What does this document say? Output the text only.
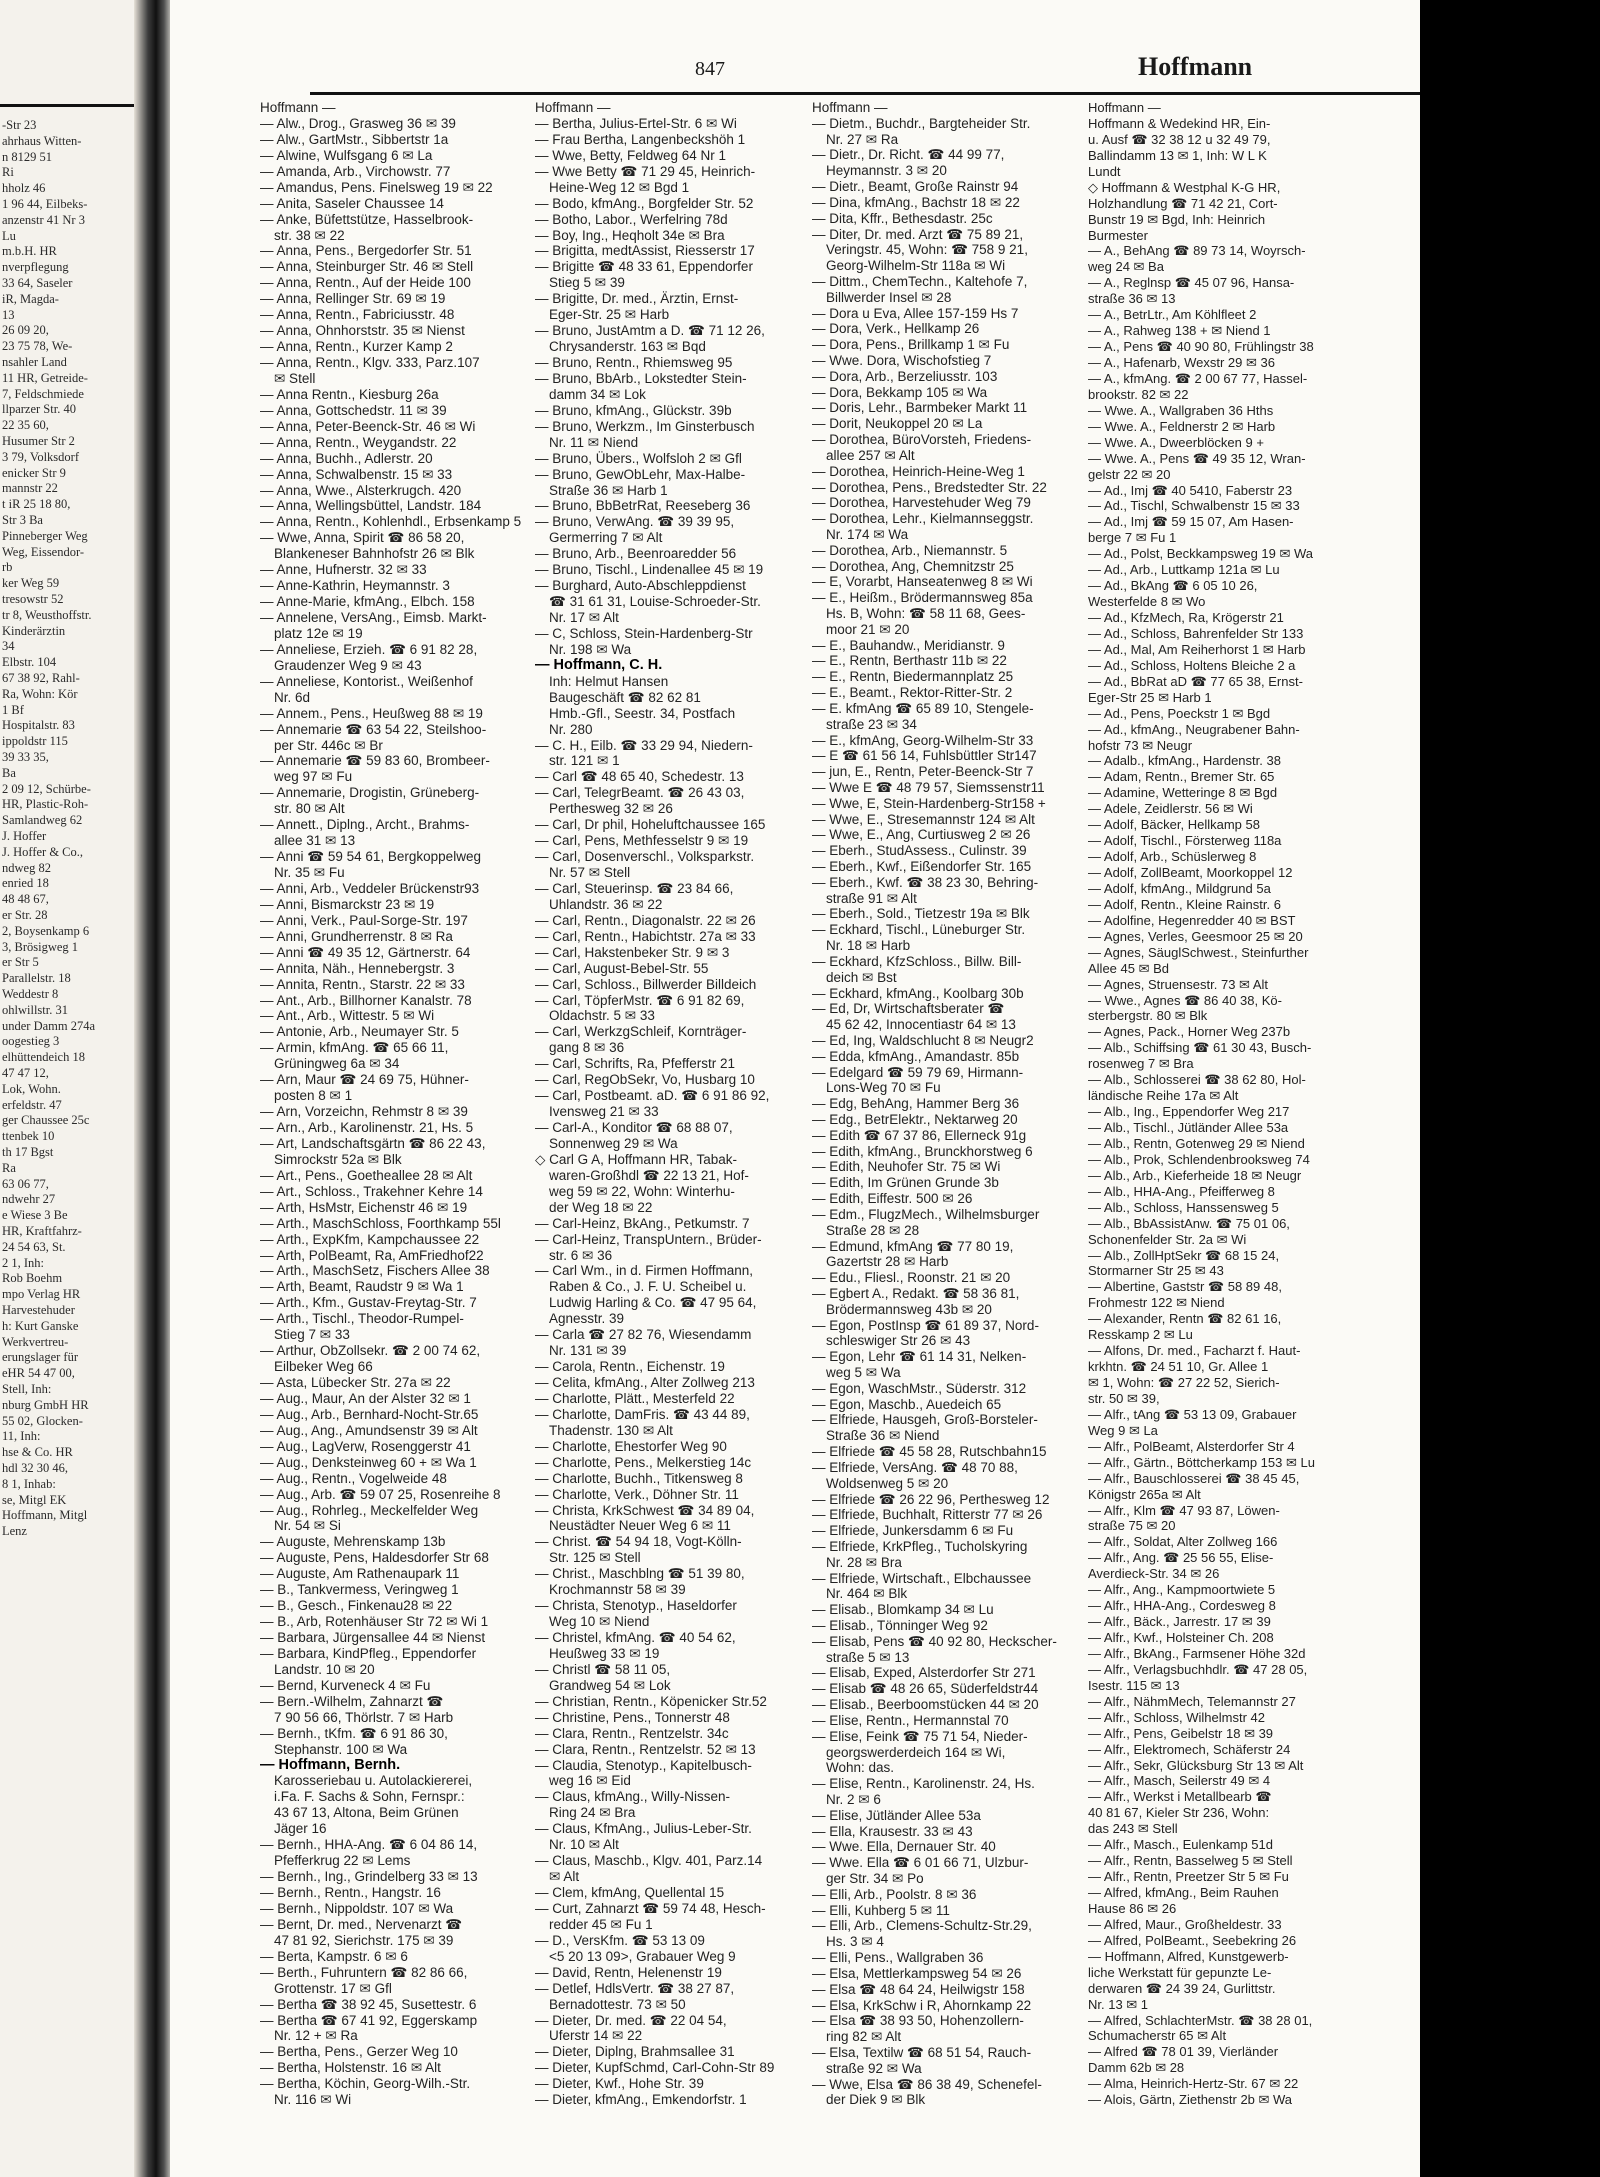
-Str 23
ahrhaus Witten-
n 8129 51
Ri
hholz 46
1 96 44, Eilbeks-
anzenstr 41 Nr 3
Lu
m.b.H. HR
nverpflegung
33 64, Saseler
iR, Magda-
13
26 09 20,
23 75 78, We-
nsahler Land
11 HR, Getreide-
7, Feldschmiede
llparzer Str. 40
22 35 60,
Husumer Str 2
3 79, Volksdorf
enicker Str 9
mannstr 22
t iR 25 18 80,
Str 3 Ba
Pinneberger Weg
Weg, Eissendor-
rb
ker Weg 59
tresowstr 52
tr 8, Weusthoffstr.
Kinderärztin
34
Elbstr. 104
67 38 92, Rahl-
Ra, Wohn: Kör
1 Bf
Hospitalstr. 83
ippoldstr 115
39 33 35,
Ba
2 09 12, Schürbe-
HR, Plastic-Roh-
Samlandweg 62
J. Hoffer
J. Hoffer & Co.,
ndweg 82
enried 18
48 48 67,
er Str. 28
2, Boysenkamp 6
3, Brösigweg 1
er Str 5
Parallelstr. 18
Weddestr 8
ohlwillstr. 31
under Damm 274a
oogestieg 3
elhüttendeich 18
47 47 12,
Lok, Wohn.
erfeldstr. 47
ger Chaussee 25c
ttenbek 10
th 17 Bgst
Ra
63 06 77,
ndwehr 27
e Wiese 3 Be
HR, Kraftfahrz-
24 54 63, St.
2 1, Inh:
Rob Boehm
mpo Verlag HR
Harvestehuder
h: Kurt Ganske
Werkvertreu-
erungslager für
eHR 54 47 00,
Stell, Inh:
nburg GmbH HR
55 02, Glocken-
11, Inh:
hse & Co. HR
hdl 32 30 46,
8 1, Inhab:
se, Mitgl EK
Hoffmann, Mitgl
Lenz
847	Hoffmann
Hoffmann —
— Alw., Drog., Grasweg 36 ✉ 39
— Alw., GartMstr., Sibbertstr 1a
— Alwine, Wulfsgang 6 ✉ La
— Amanda, Arb., Virchowstr. 77
— Amandus, Pens. Finelsweg 19 ✉ 22
— Anita, Saseler Chaussee 14
— Anke, Büfettstütze, Hasselbrook-
str. 38 ✉ 22
— Anna, Pens., Bergedorfer Str. 51
— Anna, Steinburger Str. 46 ✉ Stell
— Anna, Rentn., Auf der Heide 100
— Anna, Rellinger Str. 69 ✉ 19
— Anna, Rentn., Fabriciusstr. 48
— Anna, Ohnhorststr. 35 ✉ Nienst
— Anna, Rentn., Kurzer Kamp 2
— Anna, Rentn., Klgv. 333, Parz.107
✉ Stell
— Anna Rentn., Kiesburg 26a
— Anna, Gottschedstr. 11 ✉ 39
— Anna, Peter-Beenck-Str. 46 ✉ Wi
— Anna, Rentn., Weygandstr. 22
— Anna, Buchh., Adlerstr. 20
— Anna, Schwalbenstr. 15 ✉ 33
— Anna, Wwe., Alsterkrugch. 420
— Anna, Wellingsbüttel, Landstr. 184
— Anna, Rentn., Kohlenhdl., Erbsenkamp 5
— Wwe, Anna, Spirit ☎ 86 58 20,
Blankeneser Bahnhofstr 26 ✉ Blk
— Anne, Hufnerstr. 32 ✉ 33
— Anne-Kathrin, Heymannstr. 3
— Anne-Marie, kfmAng., Elbch. 158
— Annelene, VersAng., Eimsb. Markt-
platz 12e ✉ 19
— Anneliese, Erzieh. ☎ 6 91 82 28,
Graudenzer Weg 9 ✉ 43
— Anneliese, Kontorist., Weißenhof
Nr. 6d
— Annem., Pens., Heußweg 88 ✉ 19
— Annemarie ☎ 63 54 22, Steilshoo-
per Str. 446c ✉ Br
— Annemarie ☎ 59 83 60, Brombeer-
weg 97 ✉ Fu
— Annemarie, Drogistin, Grüneberg-
str. 80 ✉ Alt
— Annett., Diplng., Archt., Brahms-
allee 31 ✉ 13
— Anni ☎ 59 54 61, Bergkoppelweg
Nr. 35 ✉ Fu
— Anni, Arb., Veddeler Brückenstr93
— Anni, Bismarckstr 23 ✉ 19
— Anni, Verk., Paul-Sorge-Str. 197
— Anni, Grundherrenstr. 8 ✉ Ra
— Anni ☎ 49 35 12, Gärtnerstr. 64
— Annita, Näh., Hennebergstr. 3
— Annita, Rentn., Starstr. 22 ✉ 33
— Ant., Arb., Billhorner Kanalstr. 78
— Ant., Arb., Wittestr. 5 ✉ Wi
— Antonie, Arb., Neumayer Str. 5
— Armin, kfmAng. ☎ 65 66 11,
Grüningweg 6a ✉ 34
— Arn, Maur ☎ 24 69 75, Hühner-
posten 8 ✉ 1
— Arn, Vorzeichn, Rehmstr 8 ✉ 39
— Arn., Arb., Karolinenstr. 21, Hs. 5
— Art, Landschaftsgärtn ☎ 86 22 43,
Simrockstr 52a ✉ Blk
— Art., Pens., Goetheallee 28 ✉ Alt
— Art., Schloss., Trakehner Kehre 14
— Arth, HsMstr, Eichenstr 46 ✉ 19
— Arth., MaschSchloss, Foorthkamp 55l
— Arth., ExpKfm, Kampchaussee 22
— Arth, PolBeamt, Ra, AmFriedhof22
— Arth., MaschSetz, Fischers Allee 38
— Arth, Beamt, Raudstr 9 ✉ Wa 1
— Arth., Kfm., Gustav-Freytag-Str. 7
— Arth., Tischl., Theodor-Rumpel-
Stieg 7 ✉ 33
— Arthur, ObZollsekr. ☎ 2 00 74 62,
Eilbeker Weg 66
— Asta, Lübecker Str. 27a ✉ 22
— Aug., Maur, An der Alster 32 ✉ 1
— Aug., Arb., Bernhard-Nocht-Str.65
— Aug., Ang., Amundsenstr 39 ✉ Alt
— Aug., LagVerw, Rosenggerstr 41
— Aug., Denksteinweg 60 + ✉ Wa 1
— Aug., Rentn., Vogelweide 48
— Aug., Arb. ☎ 59 07 25, Rosenreihe 8
— Aug., Rohrleg., Meckelfelder Weg
Nr. 54 ✉ Si
— Auguste, Mehrenskamp 13b
— Auguste, Pens, Haldesdorfer Str 68
— Auguste, Am Rathenaupark 11
— B., Tankvermess, Veringweg 1
— B., Gesch., Finkenau28 ✉ 22
— B., Arb, Rotenhäuser Str 72 ✉ Wi 1
— Barbara, Jürgensallee 44 ✉ Nienst
— Barbara, KindPfleg., Eppendorfer
Landstr. 10 ✉ 20
— Bernd, Kurveneck 4 ✉ Fu
— Bern.-Wilhelm, Zahnarzt ☎
7 90 56 66, Thörlstr. 7 ✉ Harb
— Bernh., tKfm. ☎ 6 91 86 30,
Stephanstr. 100 ✉ Wa
— Hoffmann, Bernh.
Karosseriebau u. Autolackiererei,
i.Fa. F. Sachs & Sohn, Fernspr.:
43 67 13, Altona, Beim Grünen
Jäger 16
— Bernh., HHA-Ang. ☎ 6 04 86 14,
Pfefferkrug 22 ✉ Lems
— Bernh., Ing., Grindelberg 33 ✉ 13
— Bernh., Rentn., Hangstr. 16
— Bernh., Nippoldstr. 107 ✉ Wa
— Bernt, Dr. med., Nervenarzt ☎
47 81 92, Sierichstr. 175 ✉ 39
— Berta, Kampstr. 6 ✉ 6
— Berth., Fuhruntern ☎ 82 86 66,
Grottenstr. 17 ✉ Gfl
— Bertha ☎ 38 92 45, Susettestr. 6
— Bertha ☎ 67 41 92, Eggerskamp
Nr. 12 + ✉ Ra
— Bertha, Pens., Gerzer Weg 10
— Bertha, Holstenstr. 16 ✉ Alt
— Bertha, Köchin, Georg-Wilh.-Str.
Nr. 116 ✉ Wi
Hoffmann —
— Bertha, Julius-Ertel-Str. 6 ✉ Wi
— Frau Bertha, Langenbeckshöh 1
— Wwe, Betty, Feldweg 64 Nr 1
— Wwe Betty ☎ 71 29 45, Heinrich-
Heine-Weg 12 ✉ Bgd 1
— Bodo, kfmAng., Borgfelder Str. 52
— Botho, Labor., Werfelring 78d
— Boy, Ing., Heqholt 34e ✉ Bra
— Brigitta, medtAssist, Riesserstr 17
— Brigitte ☎ 48 33 61, Eppendorfer
Stieg 5 ✉ 39
— Brigitte, Dr. med., Ärztin, Ernst-
Eger-Str. 25 ✉ Harb
— Bruno, JustAmtm a D. ☎ 71 12 26,
Chrysanderstr. 163 ✉ Bqd
— Bruno, Rentn., Rhiemsweg 95
— Bruno, BbArb., Lokstedter Stein-
damm 34 ✉ Lok
— Bruno, kfmAng., Glückstr. 39b
— Bruno, Werkzm., Im Ginsterbusch
Nr. 11 ✉ Niend
— Bruno, Übers., Wolfsloh 2 ✉ Gfl
— Bruno, GewObLehr, Max-Halbe-
Straße 36 ✉ Harb 1
— Bruno, BbBetrRat, Reeseberg 36
— Bruno, VerwAng. ☎ 39 39 95,
Germerring 7 ✉ Alt
— Bruno, Arb., Beenroaredder 56
— Bruno, Tischl., Lindenallee 45 ✉ 19
— Burghard, Auto-Abschleppdienst
☎ 31 61 31, Louise-Schroeder-Str.
Nr. 17 ✉ Alt
— C, Schloss, Stein-Hardenberg-Str
Nr. 198 ✉ Wa
— Hoffmann, C. H.
Inh: Helmut Hansen
Baugeschäft ☎ 82 62 81
Hmb.-Gfl., Seestr. 34, Postfach
Nr. 280
— C. H., Eilb. ☎ 33 29 94, Niedern-
str. 121 ✉ 1
— Carl ☎ 48 65 40, Schedestr. 13
— Carl, TelegrBeamt. ☎ 26 43 03,
Perthesweg 32 ✉ 26
— Carl, Dr phil, Hoheluftchaussee 165
— Carl, Pens, Methfesselstr 9 ✉ 19
— Carl, Dosenverschl., Volksparkstr.
Nr. 57 ✉ Stell
— Carl, Steuerinsp. ☎ 23 84 66,
Uhlandstr. 36 ✉ 22
— Carl, Rentn., Diagonalstr. 22 ✉ 26
— Carl, Rentn., Habichtstr. 27a ✉ 33
— Carl, Hakstenbeker Str. 9 ✉ 3
— Carl, August-Bebel-Str. 55
— Carl, Schloss., Billwerder Billdeich
— Carl, TöpferMstr. ☎ 6 91 82 69,
Oldachstr. 5 ✉ 33
— Carl, WerkzgSchleif, Kornträger-
gang 8 ✉ 36
— Carl, Schrifts, Ra, Pfefferstr 21
— Carl, RegObSekr, Vo, Husbarg 10
— Carl, Postbeamt. aD. ☎ 6 91 86 92,
Ivensweg 21 ✉ 33
— Carl-A., Konditor ☎ 68 88 07,
Sonnenweg 29 ✉ Wa
◇ Carl G A, Hoffmann HR, Tabak-
waren-Großhdl ☎ 22 13 21, Hof-
weg 59 ✉ 22, Wohn: Winterhu-
der Weg 18 ✉ 22
— Carl-Heinz, BkAng., Petkumstr. 7
— Carl-Heinz, TranspUntern., Brüder-
str. 6 ✉ 36
— Carl Wm., in d. Firmen Hoffmann,
Raben & Co., J. F. U. Scheibel u.
Ludwig Harling & Co. ☎ 47 95 64,
Agnesstr. 39
— Carla ☎ 27 82 76, Wiesendamm
Nr. 131 ✉ 39
— Carola, Rentn., Eichenstr. 19
— Celita, kfmAng., Alter Zollweg 213
— Charlotte, Plätt., Mesterfeld 22
— Charlotte, DamFris. ☎ 43 44 89,
Thadenstr. 130 ✉ Alt
— Charlotte, Ehestorfer Weg 90
— Charlotte, Pens., Melkerstieg 14c
— Charlotte, Buchh., Titkensweg 8
— Charlotte, Verk., Döhner Str. 11
— Christa, KrkSchwest ☎ 34 89 04,
Neustädter Neuer Weg 6 ✉ 11
— Christ. ☎ 54 94 18, Vogt-Kölln-
Str. 125 ✉ Stell
— Christ., Maschblng ☎ 51 39 80,
Krochmannstr 58 ✉ 39
— Christa, Stenotyp., Haseldorfer
Weg 10 ✉ Niend
— Christel, kfmAng. ☎ 40 54 62,
Heußweg 33 ✉ 19
— Christl ☎ 58 11 05,
Grandweg 54 ✉ Lok
— Christian, Rentn., Köpenicker Str.52
— Christine, Pens., Tonnerstr 48
— Clara, Rentn., Rentzelstr. 34c
— Clara, Rentn., Rentzelstr. 52 ✉ 13
— Claudia, Stenotyp., Kapitelbusch-
weg 16 ✉ Eid
— Claus, kfmAng., Willy-Nissen-
Ring 24 ✉ Bra
— Claus, KfmAng., Julius-Leber-Str.
Nr. 10 ✉ Alt
— Claus, Maschb., Klgv. 401, Parz.14
✉ Alt
— Clem, kfmAng, Quellental 15
— Curt, Zahnarzt ☎ 59 74 48, Hesch-
redder 45 ✉ Fu 1
— D., VersKfm. ☎ 53 13 09
<5 20 13 09>, Grabauer Weg 9
— David, Rentn, Helenenstr 19
— Detlef, HdlsVertr. ☎ 38 27 87,
Bernadottestr. 73 ✉ 50
— Dieter, Dr. med. ☎ 22 04 54,
Uferstr 14 ✉ 22
— Dieter, Diplng, Brahmsallee 31
— Dieter, KupfSchmd, Carl-Cohn-Str 89
— Dieter, Kwf., Hohe Str. 39
— Dieter, kfmAng., Emkendorfstr. 1
Hoffmann —
— Dietm., Buchdr., Bargteheider Str.
Nr. 27 ✉ Ra
— Dietr., Dr. Richt. ☎ 44 99 77,
Heymannstr. 3 ✉ 20
— Dietr., Beamt, Große Rainstr 94
— Dina, kfmAng., Bachstr 18 ✉ 22
— Dita, Kffr., Bethesdastr. 25c
— Diter, Dr. med. Arzt ☎ 75 89 21,
Veringstr. 45, Wohn: ☎ 758 9 21,
Georg-Wilhelm-Str 118a ✉ Wi
— Dittm., ChemTechn., Kaltehofe 7,
Billwerder Insel ✉ 28
— Dora u Eva, Allee 157-159 Hs 7
— Dora, Verk., Hellkamp 26
— Dora, Pens., Brillkamp 1 ✉ Fu
— Wwe. Dora, Wischofstieg 7
— Dora, Arb., Berzeliusstr. 103
— Dora, Bekkamp 105 ✉ Wa
— Doris, Lehr., Barmbeker Markt 11
— Dorit, Neukoppel 20 ✉ La
— Dorothea, BüroVorsteh, Friedens-
allee 257 ✉ Alt
— Dorothea, Heinrich-Heine-Weg 1
— Dorothea, Pens., Bredstedter Str. 22
— Dorothea, Harvestehuder Weg 79
— Dorothea, Lehr., Kielmannseggstr.
Nr. 174 ✉ Wa
— Dorothea, Arb., Niemannstr. 5
— Dorothea, Ang, Chemnitzstr 25
— E, Vorarbt, Hanseatenweg 8 ✉ Wi
— E., Heißm., Brödermannsweg 85a
Hs. B, Wohn: ☎ 58 11 68, Gees-
moor 21 ✉ 20
— E., Bauhandw., Meridianstr. 9
— E., Rentn, Berthastr 11b ✉ 22
— E., Rentn, Biedermannplatz 25
— E., Beamt., Rektor-Ritter-Str. 2
— E. kfmAng ☎ 65 89 10, Stengele-
straße 23 ✉ 34
— E., kfmAng, Georg-Wilhelm-Str 33
— E ☎ 61 56 14, Fuhlsbüttler Str147
— jun, E., Rentn, Peter-Beenck-Str 7
— Wwe E ☎ 48 79 57, Siemssenstr11
— Wwe, E, Stein-Hardenberg-Str158 +
— Wwe, E., Stresemannstr 124 ✉ Alt
— Wwe, E., Ang, Curtiusweg 2 ✉ 26
— Eberh., StudAssess., Culinstr. 39
— Eberh., Kwf., Eißendorfer Str. 165
— Eberh., Kwf. ☎ 38 23 30, Behring-
straße 91 ✉ Alt
— Eberh., Sold., Tietzestr 19a ✉ Blk
— Eckhard, Tischl., Lüneburger Str.
Nr. 18 ✉ Harb
— Eckhard, KfzSchloss., Billw. Bill-
deich ✉ Bst
— Eckhard, kfmAng., Koolbarg 30b
— Ed, Dr, Wirtschaftsberater ☎
45 62 42, Innocentiastr 64 ✉ 13
— Ed, Ing, Waldschlucht 8 ✉ Neugr2
— Edda, kfmAng., Amandastr. 85b
— Edelgard ☎ 59 79 69, Hirmann-
Lons-Weg 70 ✉ Fu
— Edg, BehAng, Hammer Berg 36
— Edg., BetrElektr., Nektarweg 20
— Edith ☎ 67 37 86, Ellerneck 91g
— Edith, kfmAng., Brunckhorstweg 6
— Edith, Neuhofer Str. 75 ✉ Wi
— Edith, Im Grünen Grunde 3b
— Edith, Eiffestr. 500 ✉ 26
— Edm., FlugzMech., Wilhelmsburger
Straße 28 ✉ 28
— Edmund, kfmAng ☎ 77 80 19,
Gazertstr 28 ✉ Harb
— Edu., Fliesl., Roonstr. 21 ✉ 20
— Egbert A., Redakt. ☎ 58 36 81,
Brödermannsweg 43b ✉ 20
— Egon, PostInsp ☎ 61 89 37, Nord-
schleswiger Str 26 ✉ 43
— Egon, Lehr ☎ 61 14 31, Nelken-
weg 5 ✉ Wa
— Egon, WaschMstr., Süderstr. 312
— Egon, Maschb., Auedeich 65
— Elfriede, Hausgeh, Groß-Borsteler-
Straße 36 ✉ Niend
— Elfriede ☎ 45 58 28, Rutschbahn15
— Elfriede, VersAng. ☎ 48 70 88,
Woldsenweg 5 ✉ 20
— Elfriede ☎ 26 22 96, Perthesweg 12
— Elfriede, Buchhalt, Ritterstr 77 ✉ 26
— Elfriede, Junkersdamm 6 ✉ Fu
— Elfriede, KrkPfleg., Tucholskyring
Nr. 28 ✉ Bra
— Elfriede, Wirtschaft., Elbchaussee
Nr. 464 ✉ Blk
— Elisab., Blomkamp 34 ✉ Lu
— Elisab., Tönninger Weg 92
— Elisab, Pens ☎ 40 92 80, Heckscher-
straße 5 ✉ 13
— Elisab, Exped, Alsterdorfer Str 271
— Elisab ☎ 48 26 65, Süderfeldstr44
— Elisab., Beerboomstücken 44 ✉ 20
— Elise, Rentn., Hermannstal 70
— Elise, Feink ☎ 75 71 54, Nieder-
georgswerderdeich 164 ✉ Wi,
Wohn: das.
— Elise, Rentn., Karolinenstr. 24, Hs.
Nr. 2 ✉ 6
— Elise, Jütländer Allee 53a
— Ella, Krausestr. 33 ✉ 43
— Wwe. Ella, Dernauer Str. 40
— Wwe. Ella ☎ 6 01 66 71, Ulzbur-
ger Str. 34 ✉ Po
— Elli, Arb., Poolstr. 8 ✉ 36
— Elli, Kuhberg 5 ✉ 11
— Elli, Arb., Clemens-Schultz-Str.29,
Hs. 3 ✉ 4
— Elli, Pens., Wallgraben 36
— Elsa, Mettlerkampsweg 54 ✉ 26
— Elsa ☎ 48 64 24, Heilwigstr 158
— Elsa, KrkSchw i R, Ahornkamp 22
— Elsa ☎ 38 93 50, Hohenzollern-
ring 82 ✉ Alt
— Elsa, Textilw ☎ 68 51 54, Rauch-
straße 92 ✉ Wa
— Wwe, Elsa ☎ 86 38 49, Schenefel-
der Diek 9 ✉ Blk
Hoffmann —
Hoffmann & Wedekind HR, Ein-
u. Ausf ☎ 32 38 12 u 32 49 79,
Ballindamm 13 ✉ 1, Inh: W L K
Lundt
◇ Hoffmann & Westphal K-G HR,
Holzhandlung ☎ 71 42 21, Cort-
Bunstr 19 ✉ Bgd, Inh: Heinrich
Burmester
— A., BehAng ☎ 89 73 14, Woyrsch-
weg 24 ✉ Ba
— A., Reglnsp ☎ 45 07 96, Hansa-
straße 36 ✉ 13
— A., BetrLtr., Am Köhlfleet 2
— A., Rahweg 138 + ✉ Niend 1
— A., Pens ☎ 40 90 80, Frühlingstr 38
— A., Hafenarb, Wexstr 29 ✉ 36
— A., kfmAng. ☎ 2 00 67 77, Hassel-
brookstr. 82 ✉ 22
— Wwe. A., Wallgraben 36 Hths
— Wwe. A., Feldnerstr 2 ✉ Harb
— Wwe. A., Dweerblöcken 9 +
— Wwe. A., Pens ☎ 49 35 12, Wran-
gelstr 22 ✉ 20
— Ad., Imj ☎ 40 5410, Faberstr 23
— Ad., Tischl, Schwalbenstr 15 ✉ 33
— Ad., Imj ☎ 59 15 07, Am Hasen-
berge 7 ✉ Fu 1
— Ad., Polst, Beckkampsweg 19 ✉ Wa
— Ad., Arb., Luttkamp 121a ✉ Lu
— Ad., BkAng ☎ 6 05 10 26,
Westerfelde 8 ✉ Wo
— Ad., KfzMech, Ra, Krögerstr 21
— Ad., Schloss, Bahrenfelder Str 133
— Ad., Mal, Am Reiherhorst 1 ✉ Harb
— Ad., Schloss, Holtens Bleiche 2 a
— Ad., BbRat aD ☎ 77 65 38, Ernst-
Eger-Str 25 ✉ Harb 1
— Ad., Pens, Poeckstr 1 ✉ Bgd
— Ad., kfmAng., Neugrabener Bahn-
hofstr 73 ✉ Neugr
— Adalb., kfmAng., Hardenstr. 38
— Adam, Rentn., Bremer Str. 65
— Adamine, Wetteringe 8 ✉ Bgd
— Adele, Zeidlerstr. 56 ✉ Wi
— Adolf, Bäcker, Hellkamp 58
— Adolf, Tischl., Försterweg 118a
— Adolf, Arb., Schüslerweg 8
— Adolf, ZollBeamt, Moorkoppel 12
— Adolf, kfmAng., Mildgrund 5a
— Adolf, Rentn., Kleine Rainstr. 6
— Adolfine, Hegenredder 40 ✉ BST
— Agnes, Verles, Geesmoor 25 ✉ 20
— Agnes, SäuglSchwest., Steinfurther
Allee 45 ✉ Bd
— Agnes, Struensestr. 73 ✉ Alt
— Wwe., Agnes ☎ 86 40 38, Kö-
sterbergstr. 80 ✉ Blk
— Agnes, Pack., Horner Weg 237b
— Alb., Schiffsing ☎ 61 30 43, Busch-
rosenweg 7 ✉ Bra
— Alb., Schlosserei ☎ 38 62 80, Hol-
ländische Reihe 17a ✉ Alt
— Alb., Ing., Eppendorfer Weg 217
— Alb., Tischl., Jütländer Allee 53a
— Alb., Rentn, Gotenweg 29 ✉ Niend
— Alb., Prok, Schlendenbrooksweg 74
— Alb., Arb., Kieferheide 18 ✉ Neugr
— Alb., HHA-Ang., Pfeifferweg 8
— Alb., Schloss, Hanssensweg 5
— Alb., BbAssistAnw. ☎ 75 01 06,
Schonenfelder Str. 2a ✉ Wi
— Alb., ZollHptSekr ☎ 68 15 24,
Stormarner Str 25 ✉ 43
— Albertine, Gaststr ☎ 58 89 48,
Frohmestr 122 ✉ Niend
— Alexander, Rentn ☎ 82 61 16,
Resskamp 2 ✉ Lu
— Alfons, Dr. med., Facharzt f. Haut-
krkhtn. ☎ 24 51 10, Gr. Allee 1
✉ 1, Wohn: ☎ 27 22 52, Sierich-
str. 50 ✉ 39,
— Alfr., tAng ☎ 53 13 09, Grabauer
Weg 9 ✉ La
— Alfr., PolBeamt, Alsterdorfer Str 4
— Alfr., Gärtn., Böttcherkamp 153 ✉ Lu
— Alfr., Bauschlosserei ☎ 38 45 45,
Königstr 265a ✉ Alt
— Alfr., Klm ☎ 47 93 87, Löwen-
straße 75 ✉ 20
— Alfr., Soldat, Alter Zollweg 166
— Alfr., Ang. ☎ 25 56 55, Elise-
Averdieck-Str. 34 ✉ 26
— Alfr., Ang., Kampmoortwiete 5
— Alfr., HHA-Ang., Cordesweg 8
— Alfr., Bäck., Jarrestr. 17 ✉ 39
— Alfr., Kwf., Holsteiner Ch. 208
— Alfr., BkAng., Farmsener Höhe 32d
— Alfr., Verlagsbuchhdlr. ☎ 47 28 05,
Isestr. 115 ✉ 13
— Alfr., NähmMech, Telemannstr 27
— Alfr., Schloss, Wilhelmstr 42
— Alfr., Pens, Geibelstr 18 ✉ 39
— Alfr., Elektromech, Schäferstr 24
— Alfr., Sekr, Glücksburg Str 13 ✉ Alt
— Alfr., Masch, Seilerstr 49 ✉ 4
— Alfr., Werkst i Metallbearb ☎
40 81 67, Kieler Str 236, Wohn:
das 243 ✉ Stell
— Alfr., Masch., Eulenkamp 51d
— Alfr., Rentn, Basselweg 5 ✉ Stell
— Alfr., Rentn, Preetzer Str 5 ✉ Fu
— Alfred, kfmAng., Beim Rauhen
Hause 86 ✉ 26
— Alfred, Maur., Großheldestr. 33
— Alfred, PolBeamt., Seebekring 26
— Hoffmann, Alfred, Kunstgewerb-
liche Werkstatt für gepunzte Le-
derwaren ☎ 24 39 24, Gurlittstr.
Nr. 13 ✉ 1
— Alfred, SchlachterMstr. ☎ 38 28 01,
Schumacherstr 65 ✉ Alt
— Alfred ☎ 78 01 39, Vierländer
Damm 62b ✉ 28
— Alma, Heinrich-Hertz-Str. 67 ✉ 22
— Alois, Gärtn, Ziethenstr 2b ✉ Wa
